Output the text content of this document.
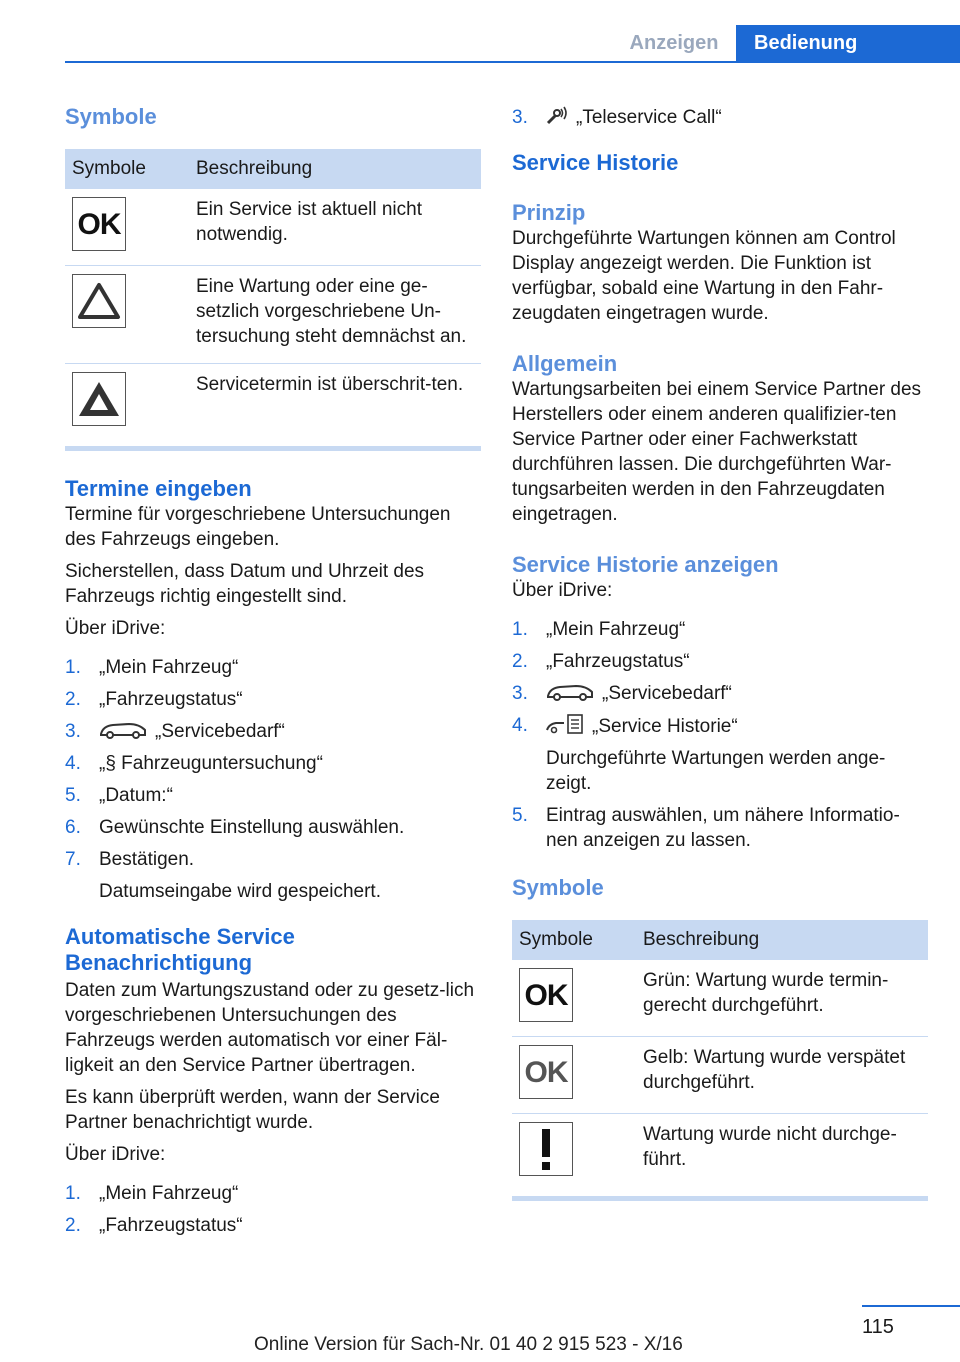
Anzeigen	Bedienung
Symbole
Symbole	Beschreibung

OK	Ein Service ist aktuell nicht notwendig.

	Eine Wartung oder eine ge-setzlich vorgeschriebene Un-tersuchung steht demnächst an.

	Servicetermin ist überschrit-ten.
Termine eingeben

Termine für vorgeschriebene Untersuchungen des Fahrzeugs eingeben.

Sicherstellen, dass Datum und Uhrzeit des Fahrzeugs richtig eingestellt sind.

Über iDrive:

1. „Mein Fahrzeug“
2. „Fahrzeugstatus“
3.	„Servicebedarf“
4. „§ Fahrzeuguntersuchung“
5. „Datum:“
6. Gewünschte Einstellung auswählen.
7. Bestätigen.
Datumseingabe wird gespeichert.
Automatische Service Benachrichtigung

Daten zum Wartungszustand oder zu gesetz-lich vorgeschriebenen Untersuchungen des Fahrzeugs werden automatisch vor einer Fäl-ligkeit an den Service Partner übertragen.

Es kann überprüft werden, wann der Service Partner benachrichtigt wurde.

Über iDrive:

1. „Mein Fahrzeug“
2. „Fahrzeugstatus“
3.	„Teleservice Call“
Service Historie
Prinzip

Durchgeführte Wartungen können am Control Display angezeigt werden. Die Funktion ist verfügbar, sobald eine Wartung in den Fahr-zeugdaten eingetragen wurde.

Allgemein

Wartungsarbeiten bei einem Service Partner des Herstellers oder einem anderen qualifizier-ten Service Partner oder einer Fachwerkstatt durchführen lassen. Die durchgeführten War-tungsarbeiten werden in den Fahrzeugdaten eingetragen.

Service Historie anzeigen

Über iDrive:

1. „Mein Fahrzeug“
2. „Fahrzeugstatus“
3.	„Servicebedarf“
4.	„Service Historie“
Durchgeführte Wartungen werden ange-zeigt.
5. Eintrag auswählen, um nähere Informatio-nen anzeigen zu lassen.
Symbole
Symbole	Beschreibung

OK	Grün: Wartung wurde termin-gerecht durchgeführt.

OK	Gelb: Wartung wurde verspätet durchgeführt.

	Wartung wurde nicht durchge-führt.
115
Online Version für Sach-Nr. 01 40 2 915 523 - X/16
